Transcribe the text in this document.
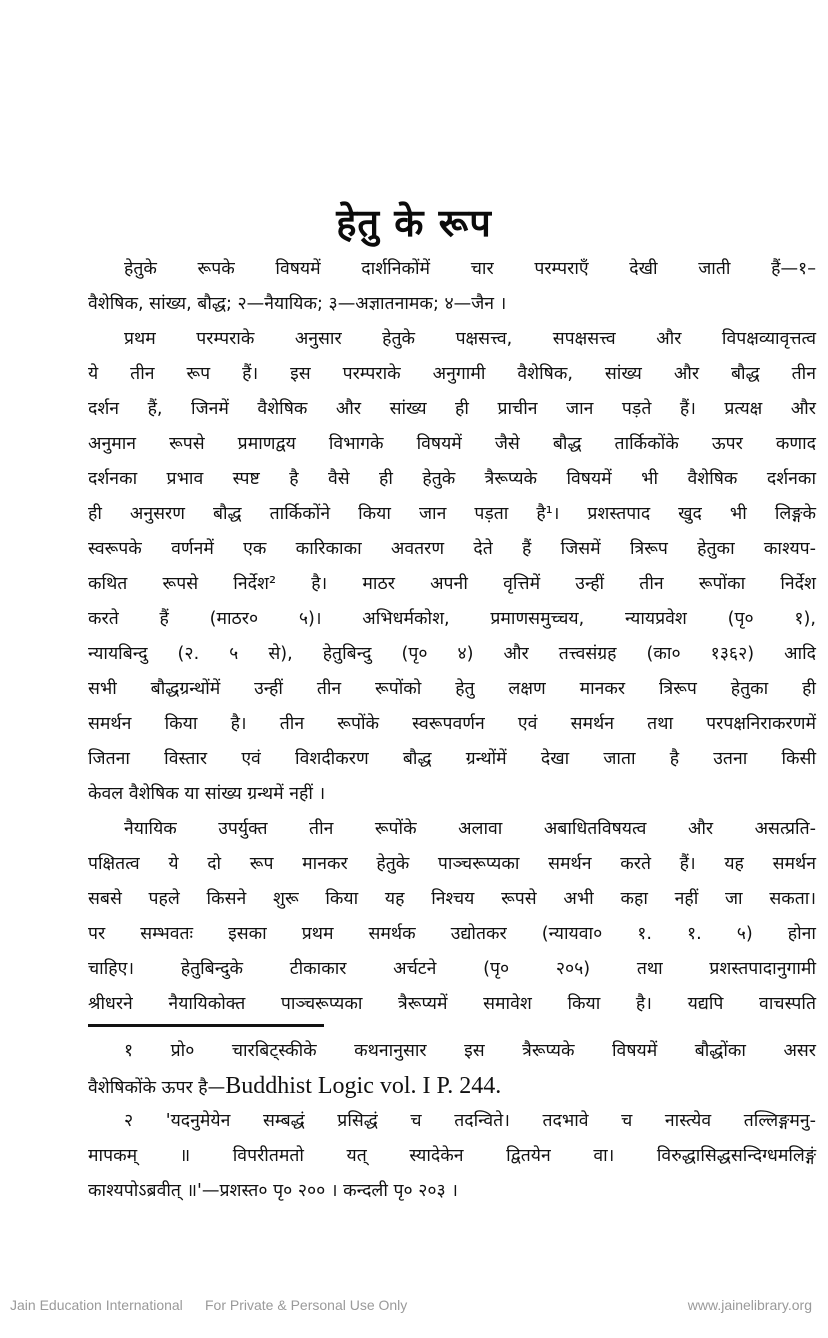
हेतु के रूप
हेतुके रूपके विषयमें दार्शनिकोंमें चार परम्पराएँ देखी जाती हैं—१–
वैशेषिक, सांख्य, बौद्ध; २—नैयायिक; ३—अज्ञातनामक; ४—जैन ।
प्रथम परम्पराके अनुसार हेतुके पक्षसत्त्व, सपक्षसत्त्व और विपक्षव्यावृत्तत्व
ये तीन रूप हैं। इस परम्पराके अनुगामी वैशेषिक, सांख्य और बौद्ध तीन
दर्शन हैं, जिनमें वैशेषिक और सांख्य ही प्राचीन जान पड़ते हैं। प्रत्यक्ष और
अनुमान रूपसे प्रमाणद्वय विभागके विषयमें जैसे बौद्ध तार्किकोंके ऊपर कणाद
दर्शनका प्रभाव स्पष्ट है वैसे ही हेतुके त्रैरूप्यके विषयमें भी वैशेषिक दर्शनका
ही अनुसरण बौद्ध तार्किकोंने किया जान पड़ता है¹। प्रशस्तपाद खुद भी लिङ्गके
स्वरूपके वर्णनमें एक कारिकाका अवतरण देते हैं जिसमें त्रिरूप हेतुका काश्यप-
कथित रूपसे निर्देश² है। माठर अपनी वृत्तिमें उन्हीं तीन रूपोंका निर्देश
करते हैं (माठर० ५)। अभिधर्मकोश, प्रमाणसमुच्चय, न्यायप्रवेश (पृ० १),
न्यायबिन्दु (२. ५ से), हेतुबिन्दु (पृ० ४) और तत्त्वसंग्रह (का० १३६२) आदि
सभी बौद्धग्रन्थोंमें उन्हीं तीन रूपोंको हेतु लक्षण मानकर त्रिरूप हेतुका ही
समर्थन किया है। तीन रूपोंके स्वरूपवर्णन एवं समर्थन तथा परपक्षनिराकरणमें
जितना विस्तार एवं विशदीकरण बौद्ध ग्रन्थोंमें देखा जाता है उतना किसी
केवल वैशेषिक या सांख्य ग्रन्थमें नहीं ।
नैयायिक उपर्युक्त तीन रूपोंके अलावा अबाधितविषयत्व और असत्प्रति-
पक्षितत्व ये दो रूप मानकर हेतुके पाञ्चरूप्यका समर्थन करते हैं। यह समर्थन
सबसे पहले किसने शुरू किया यह निश्चय रूपसे अभी कहा नहीं जा सकता।
पर सम्भवतः इसका प्रथम समर्थक उद्योतकर (न्यायवा० १. १. ५) होना
चाहिए। हेतुबिन्दुके टीकाकार अर्चटने (पृ० २०५) तथा प्रशस्तपादानुगामी
श्रीधरने नैयायिकोक्त पाञ्चरूप्यका त्रैरूप्यमें समावेश किया है। यद्यपि वाचस्पति
१ प्रो० चारबिट्स्कीके कथनानुसार इस त्रैरूप्यके विषयमें बौद्धोंका असर
वैशेषिकोंके ऊपर है—Buddhist Logic vol. I P. 244.
२ 'यदनुमेयेन सम्बद्धं प्रसिद्धं च तदन्विते। तदभावे च नास्त्येव तल्लिङ्गमनु-
मापकम् ॥ विपरीतमतो यत् स्यादेकेन द्वितयेन वा। विरुद्धासिद्धसन्दिग्धमलिङ्गं
काश्यपोऽब्रवीत् ॥'—प्रशस्त० पृ० २०० । कन्दली पृ० २०३ ।
Jain Education International For Private & Personal Use Only	www.jainelibrary.org
